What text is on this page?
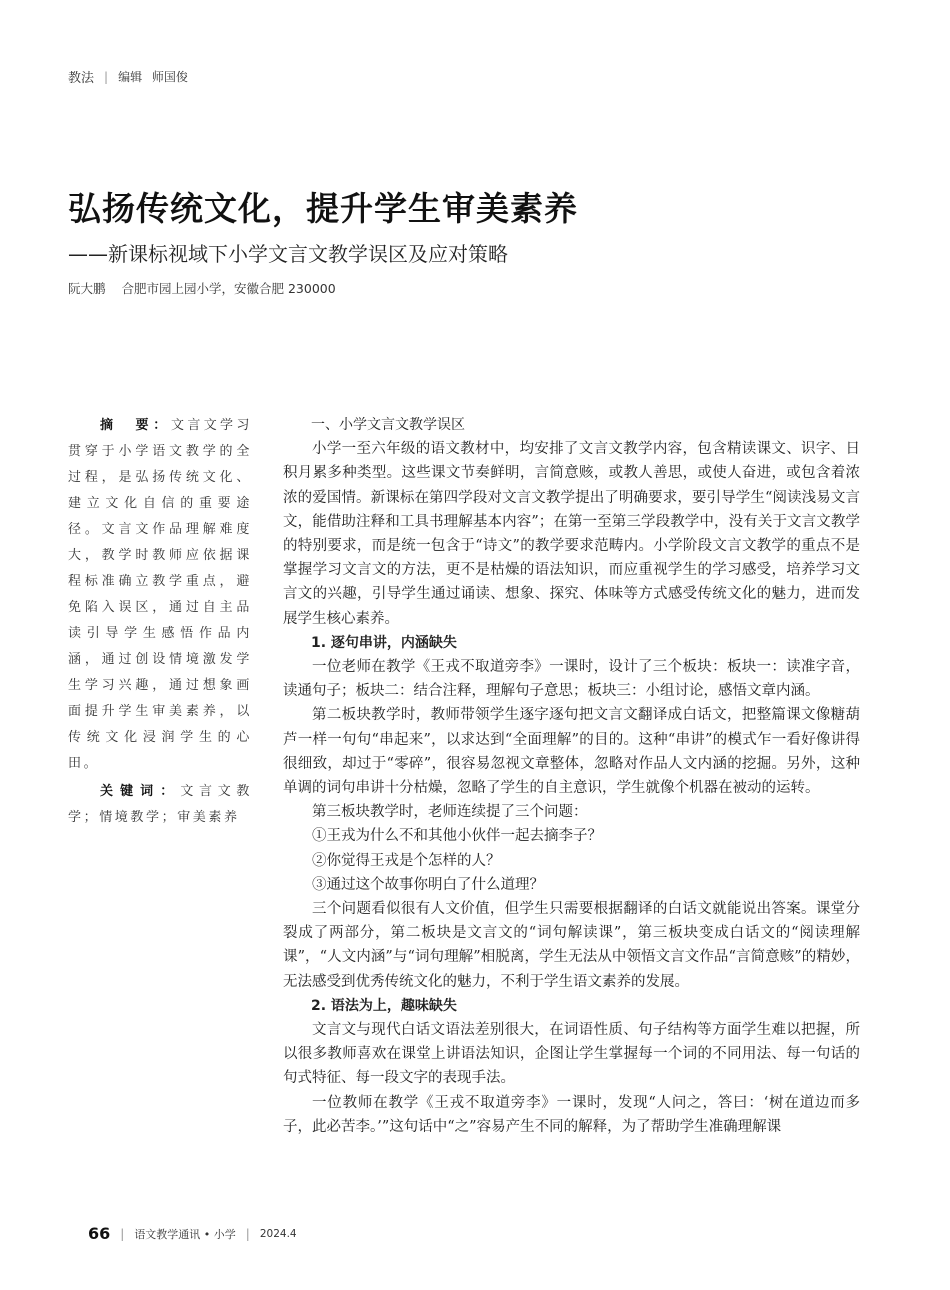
教法 | 编辑 师国俊
弘扬传统文化，提升学生审美素养
——新课标视域下小学文言文教学误区及应对策略
阮大鹏 合肥市园上园小学，安徽合肥 230000

摘　要：文言文学习贯穿于小学语文教学的全过程，是弘扬传统文化、建立文化自信的重要途径。文言文作品理解难度大，教学时教师应依据课程标准确立教学重点，避免陷入误区，通过自主品读引导学生感悟作品内涵，通过创设情境激发学生学习兴趣，通过想象画面提升学生审美素养，以传统文化浸润学生的心田。

关键词：文言文教学；情境教学；审美素养

一、小学文言文教学误区

小学一至六年级的语文教材中，均安排了文言文教学内容，包含精读课文、识字、日积月累多种类型。这些课文节奏鲜明，言简意赅，或教人善思，或使人奋进，或包含着浓浓的爱国情。新课标在第四学段对文言文教学提出了明确要求，要引导学生“阅读浅易文言文，能借助注释和工具书理解基本内容”；在第一至第三学段教学中，没有关于文言文教学的特别要求，而是统一包含于“诗文”的教学要求范畴内。小学阶段文言文教学的重点不是掌握学习文言文的方法，更不是枯燥的语法知识，而应重视学生的学习感受，培养学习文言文的兴趣，引导学生通过诵读、想象、探究、体味等方式感受传统文化的魅力，进而发展学生核心素养。

1. 逐句串讲，内涵缺失

一位老师在教学《王戎不取道旁李》一课时，设计了三个板块：板块一：读准字音，读通句子；板块二：结合注释，理解句子意思；板块三：小组讨论，感悟文章内涵。

第二板块教学时，教师带领学生逐字逐句把文言文翻译成白话文，把整篇课文像糖葫芦一样一句句“串起来”，以求达到“全面理解”的目的。这种“串讲”的模式乍一看好像讲得很细致，却过于“零碎”，很容易忽视文章整体，忽略对作品人文内涵的挖掘。另外，这种单调的词句串讲十分枯燥，忽略了学生的自主意识，学生就像个机器在被动的运转。

第三板块教学时，老师连续提了三个问题：

①王戎为什么不和其他小伙伴一起去摘李子？

②你觉得王戎是个怎样的人？

③通过这个故事你明白了什么道理？

三个问题看似很有人文价值，但学生只需要根据翻译的白话文就能说出答案。课堂分裂成了两部分，第二板块是文言文的“词句解读课”，第三板块变成白话文的“阅读理解课”，“人文内涵”与“词句理解”相脱离，学生无法从中领悟文言文作品“言简意赅”的精妙，无法感受到优秀传统文化的魅力，不利于学生语文素养的发展。

2. 语法为上，趣味缺失

文言文与现代白话文语法差别很大，在词语性质、句子结构等方面学生难以把握，所以很多教师喜欢在课堂上讲语法知识，企图让学生掌握每一个词的不同用法、每一句话的句式特征、每一段文字的表现手法。

一位教师在教学《王戎不取道旁李》一课时，发现“人问之，答曰：‘树在道边而多子，此必苦李。’”这句话中“之”容易产生不同的解释，为了帮助学生准确理解课

66 | 语文教学通讯 • 小学 | 2024.4
